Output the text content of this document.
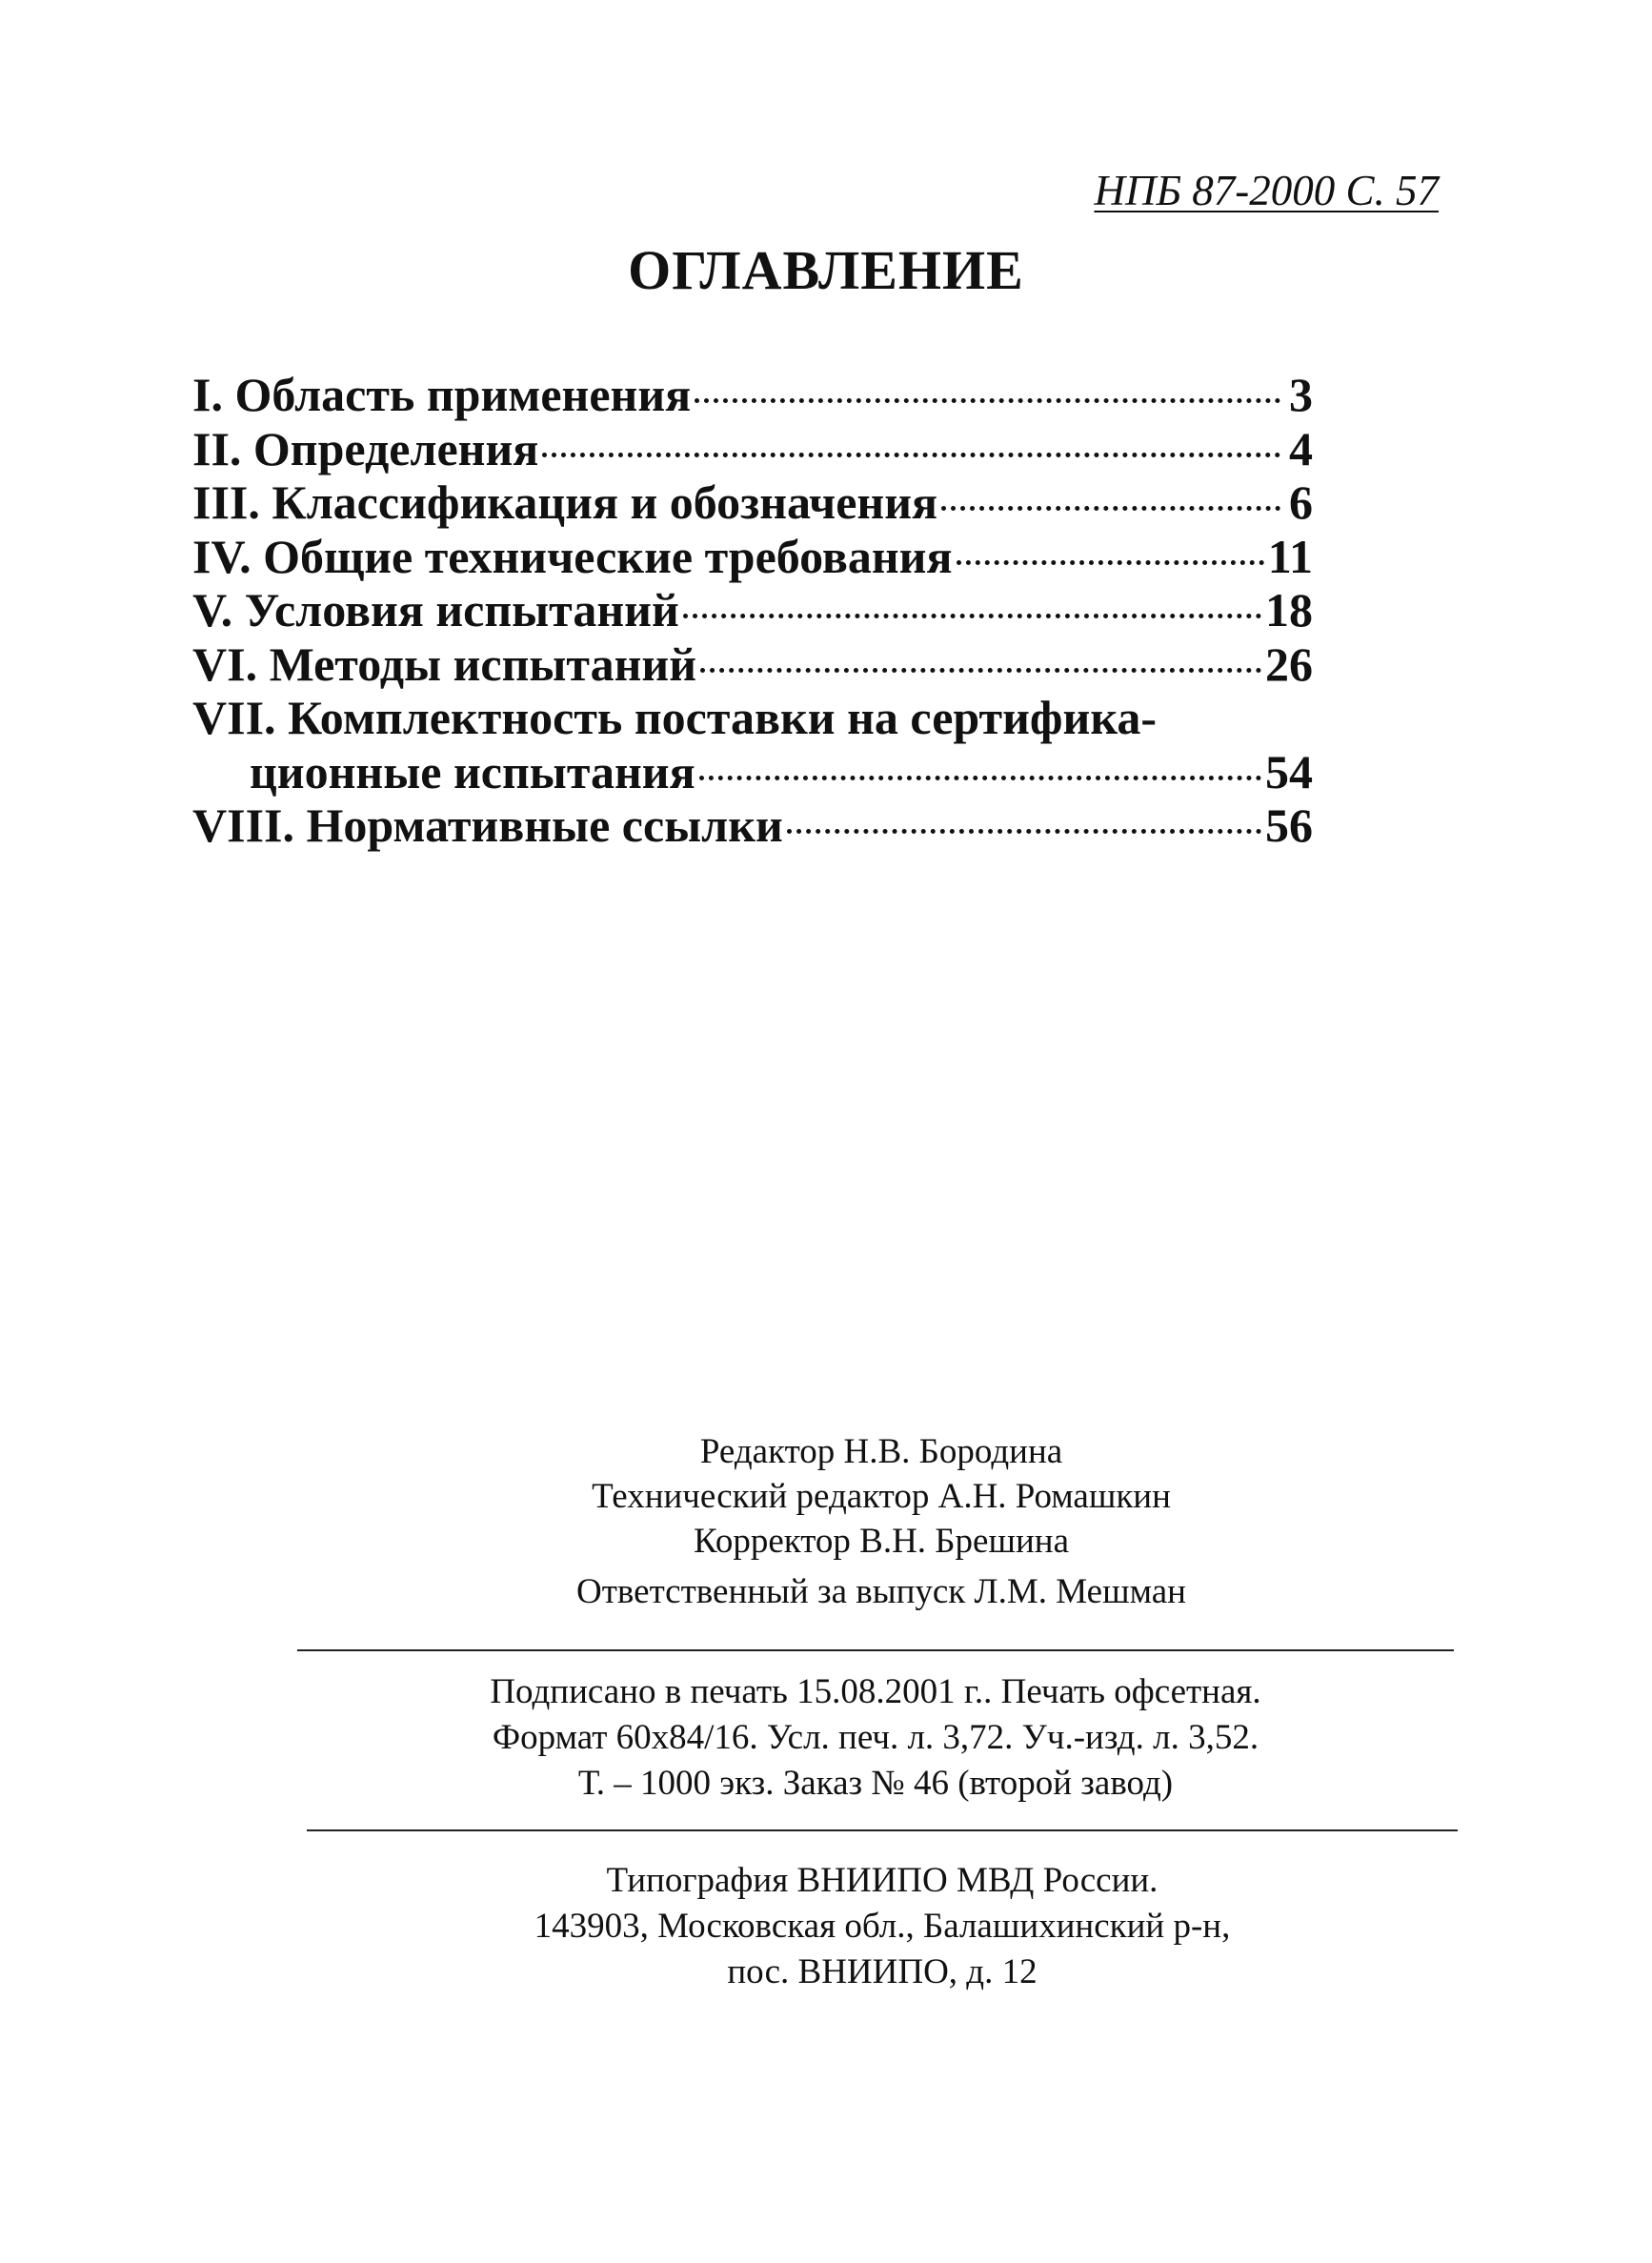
НПБ 87-2000 С. 57
ОГЛАВЛЕНИЕ
I. Область применения	3
II. Определения	4
III. Классификация и обозначения	6
IV. Общие технические требования	11
V. Условия испытаний	18
VI. Методы испытаний	26
VII. Комплектность поставки на сертифика-
ционные испытания	54
VIII. Нормативные ссылки	56
Редактор Н.В. Бородина
Технический редактор А.Н. Ромашкин
Корректор В.Н. Брешина
Ответственный за выпуск Л.М. Мешман
Подписано в печать 15.08.2001 г.. Печать офсетная.
Формат 60х84/16. Усл. печ. л. 3,72. Уч.-изд. л. 3,52.
Т. – 1000 экз. Заказ № 46 (второй завод)
Типография ВНИИПО МВД России.
143903, Московская обл., Балашихинский р-н,
пос. ВНИИПО, д. 12
